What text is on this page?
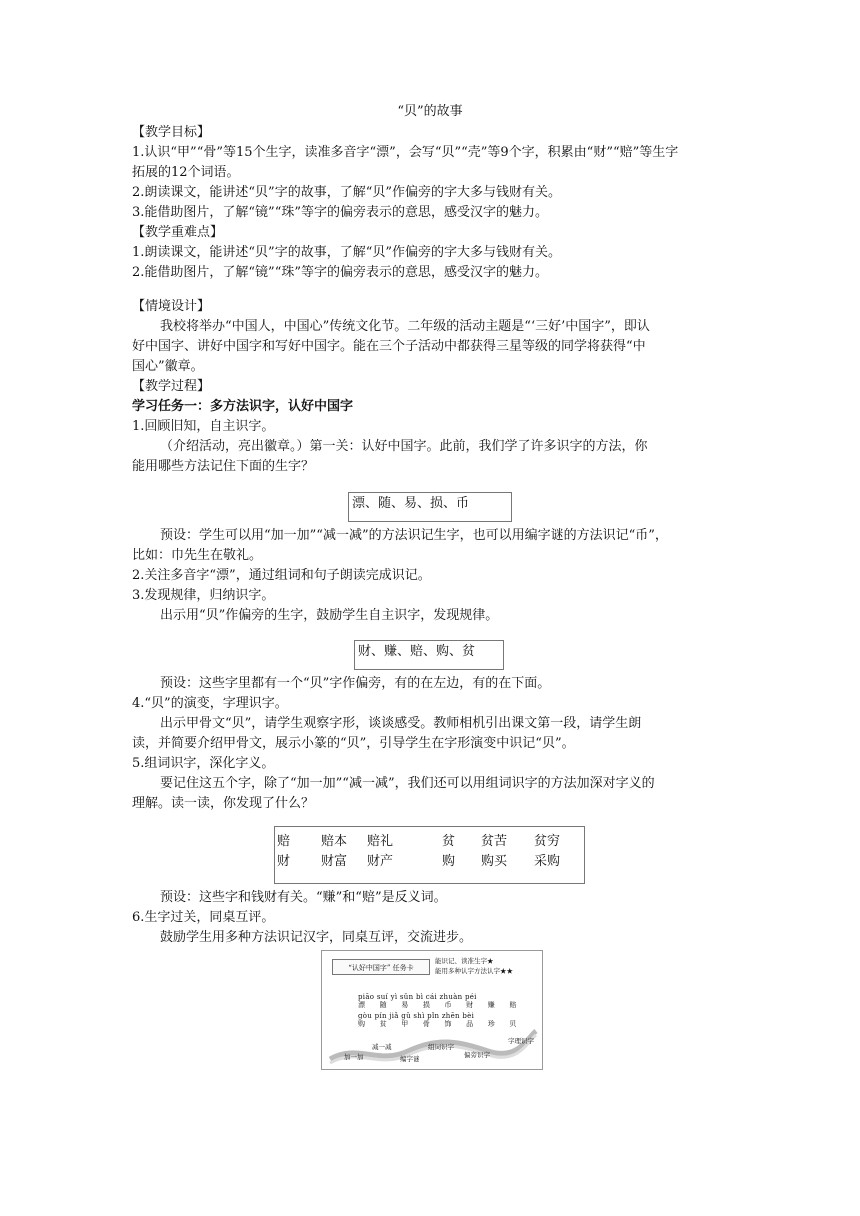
“贝”的故事
【教学目标】
1.认识“甲”“骨”等15个生字，读准多音字“漂”，会写“贝”“壳”等9个字，积累由“财”“赔”等生字
拓展的12个词语。
2.朗读课文，能讲述“贝”字的故事，了解“贝”作偏旁的字大多与钱财有关。
3.能借助图片，了解“镜”“珠”等字的偏旁表示的意思，感受汉字的魅力。
【教学重难点】
1.朗读课文，能讲述“贝”字的故事，了解“贝”作偏旁的字大多与钱财有关。
2.能借助图片，了解“镜”“珠”等字的偏旁表示的意思，感受汉字的魅力。
【情境设计】
我校将举办“中国人，中国心”传统文化节。二年级的活动主题是“‘三好’中国字”，即认
好中国字、讲好中国字和写好中国字。能在三个子活动中都获得三星等级的同学将获得“中
国心”徽章。
【教学过程】
学习任务一：多方法识字，认好中国字
1.回顾旧知，自主识字。
（介绍活动，亮出徽章。）第一关：认好中国字。此前，我们学了许多识字的方法，你
能用哪些方法记住下面的生字？
漂、随、易、损、币
预设：学生可以用“加一加”“减一减”的方法识记生字，也可以用编字谜的方法识记“币”，
比如：巾先生在敬礼。
2.关注多音字“漂”，通过组词和句子朗读完成识记。
3.发现规律，归纳识字。
出示用“贝”作偏旁的生字，鼓励学生自主识字，发现规律。
财、赚、赔、购、贫
预设：这些字里都有一个“贝”字作偏旁，有的在左边，有的在下面。
4.“贝”的演变，字理识字。
出示甲骨文“贝”，请学生观察字形，谈谈感受。教师相机引出课文第一段，请学生朗
读，并简要介绍甲骨文，展示小篆的“贝”，引导学生在字形演变中识记“贝”。
5.组词识字，深化字义。
要记住这五个字，除了“加一加”“减一减”，我们还可以用组词识字的方法加深对字义的
理解。读一读，你发现了什么？
赔 赔本 赔礼	贫 贫苦 贫穷
财 财富 财产	购 购买 采购
预设：这些字和钱财有关。“赚”和“赔”是反义词。
6.生字过关，同桌互评。
鼓励学生用多种方法识记汉字，同桌互评，交流进步。
“认好中国字” 任务卡
能识记、读准生字★
能用多种认字方法认字★★
piāo suí yì sǔn bì cái zhuàn péi
漂 随 易 损 币 财 赚 赔
gòu pín jiǎ gǔ shì pǐn zhēn bèi
购 贫 甲 骨 饰 品 珍 贝
加一加
减一减
编字谜
组词识字
偏旁识字
字理识字
